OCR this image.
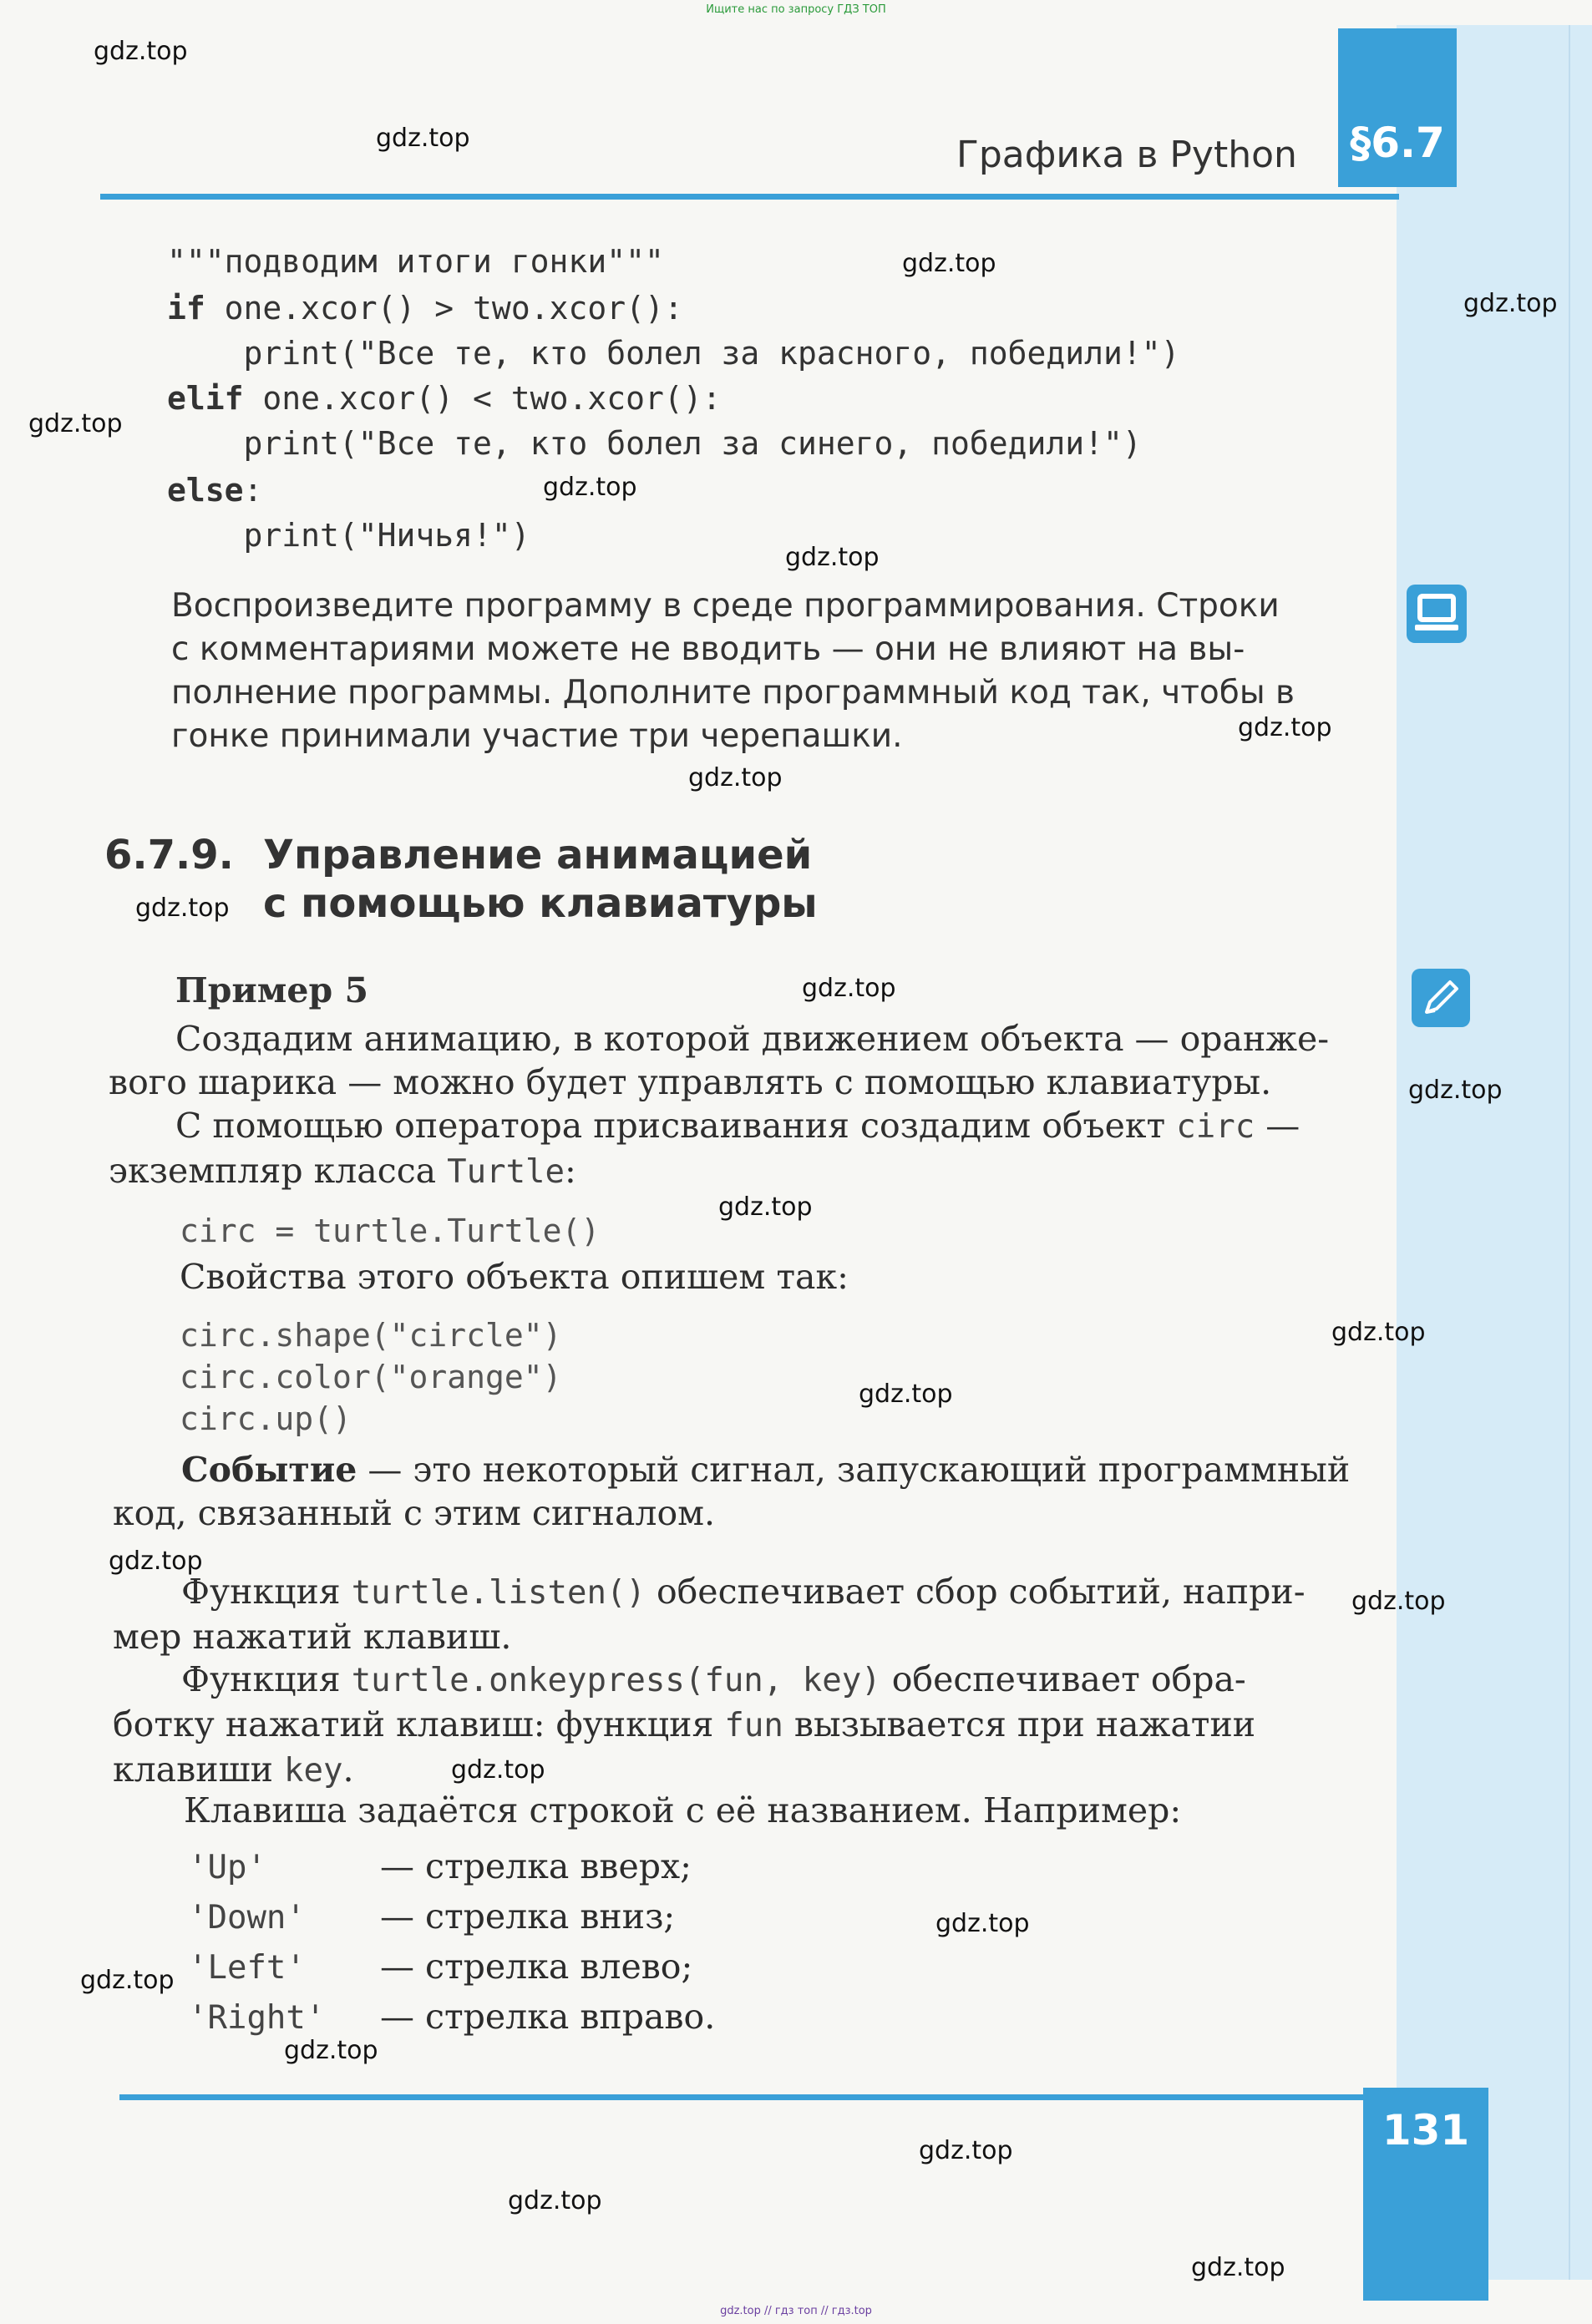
Ищите нас по запросу ГДЗ ТОП
Графика в Python §6.7
"""подводим итоги гонки"""
if one.xcor() > two.xcor():
print("Все те, кто болел за красного, победили!")
elif one.xcor() < two.xcor():
print("Все те, кто болел за синего, победили!")
else:
print("Ничья!")
Воспроизведите программу в среде программирования. Строки
с комментариями можете не вводить — они не влияют на вы-
полнение программы. Дополните программный код так, чтобы в
гонке принимали участие три черепашки.
6.7.9. Управление анимацией
с помощью клавиатуры
Пример 5
Создадим анимацию, в которой движением объекта — оранже-
вого шарика — можно будет управлять с помощью клавиатуры.
С помощью оператора присваивания создадим объект circ —
экземпляр класса Turtle:
circ = turtle.Turtle()
Свойства этого объекта опишем так:
circ.shape("circle")
circ.color("orange")
circ.up()
Событие — это некоторый сигнал, запускающий программный
код, связанный с этим сигналом.
Функция turtle.listen() обеспечивает сбор событий, напри-
мер нажатий клавиш.
Функция turtle.onkeypress(fun, key) обеспечивает обра-
ботку нажатий клавиш: функция fun вызывается при нажатии
клавиши key.
Клавиша задаётся строкой с её названием. Например:
'Up'	— стрелка вверх;
'Down' — стрелка вниз;
'Left' — стрелка влево;
'Right' — стрелка вправо.
131
gdz.top
gdz.top
gdz.top
gdz.top
gdz.top
gdz.top
gdz.top
gdz.top
gdz.top
gdz.top
gdz.top
gdz.top
gdz.top
gdz.top
gdz.top
gdz.top
gdz.top
gdz.top
gdz.top
gdz.top
gdz.top
gdz.top
gdz.top
gdz.top
gdz.top // гдз топ // гдз.top
